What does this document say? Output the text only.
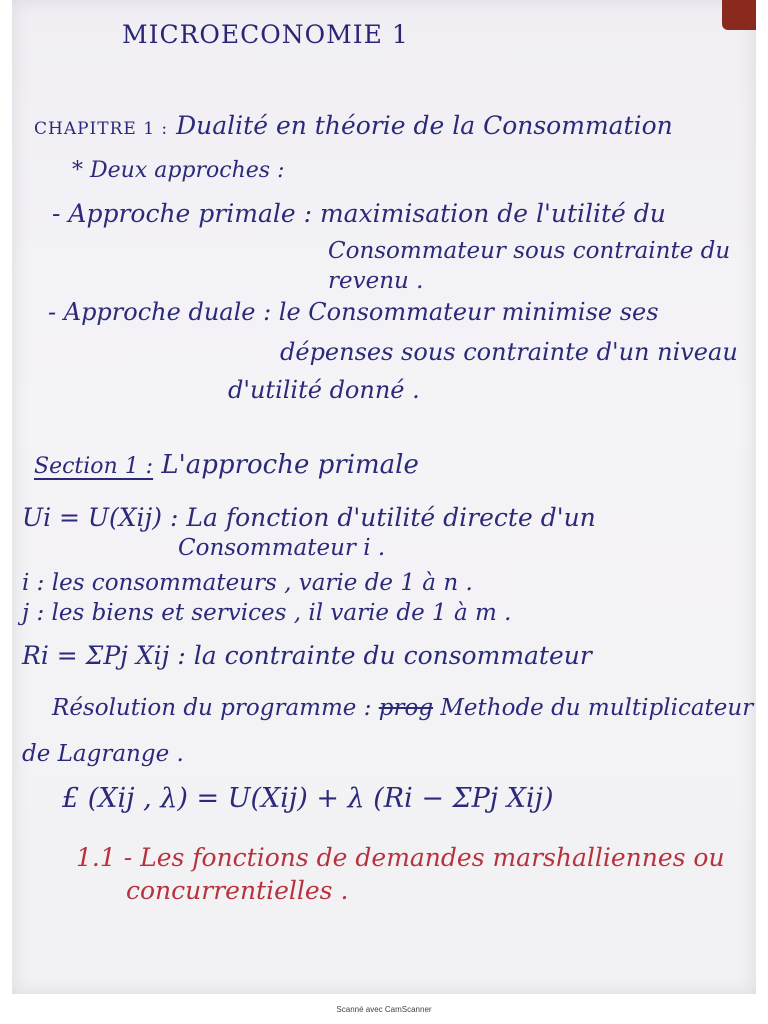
MICROECONOMIE 1
CHAPITRE 1 : Dualité en théorie de la Consommation
* Deux approches :
- Approche primale : maximisation de l'utilité du
Consommateur sous contrainte du
revenu .
- Approche duale : le Consommateur minimise ses
dépenses sous contrainte d'un niveau
d'utilité donné .
Section 1 : L'approche primale
Ui = U(Xij) : La fonction d'utilité directe d'un
Consommateur i .
i : les consommateurs , varie de 1 à n .
j : les biens et services , il varie de 1 à m .
Ri = ΣPj Xij : la contrainte du consommateur
Résolution du programme : prog Methode du multiplicateur
de Lagrange .
£ (Xij , λ) = U(Xij) + λ (Ri − ΣPj Xij)
1.1 - Les fonctions de demandes marshalliennes ou
concurrentielles .
Scanné avec CamScanner
